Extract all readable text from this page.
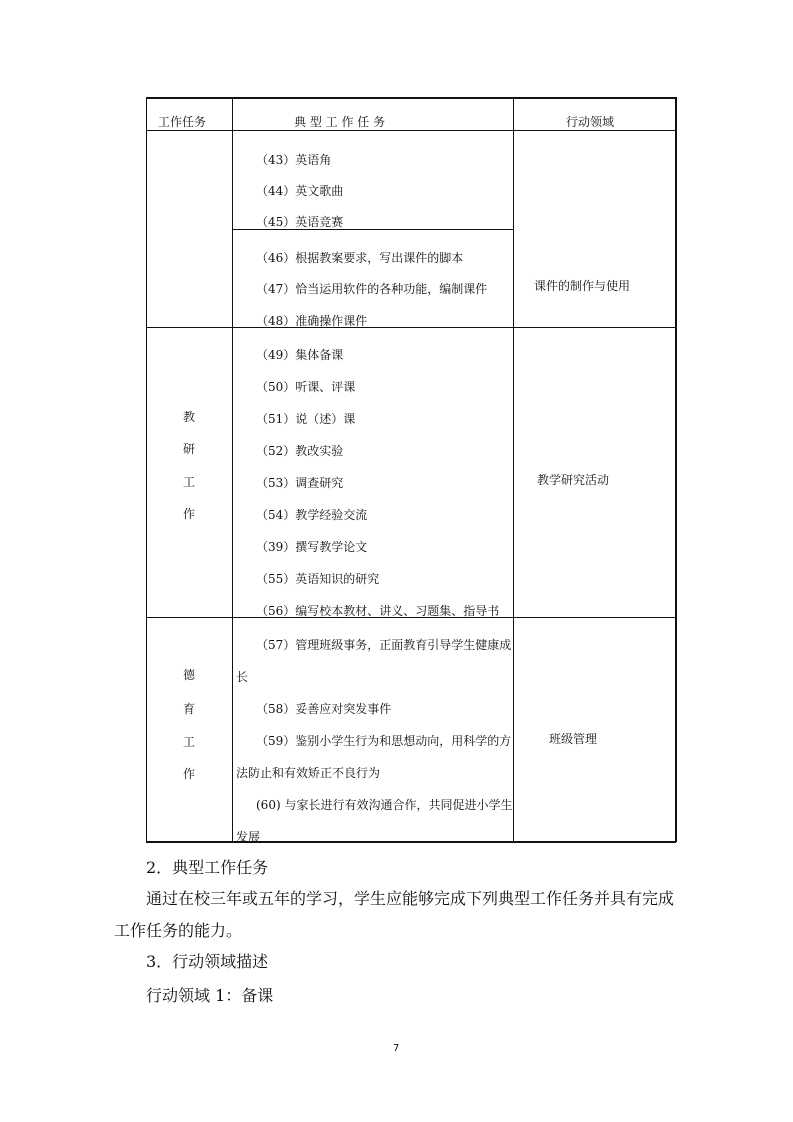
工作任务	典 型 工 作 任 务	行动领域
（43）英语角
（44）英文歌曲
（45）英语竞赛
（46）根据教案要求，写出课件的脚本
（47）恰当运用软件的各种功能，编制课件
（48）准确操作课件
课件的制作与使用
教
研
工
作
（49）集体备课
（50）听课、评课
（51）说（述）课
（52）教改实验
（53）调查研究
（54）教学经验交流
（39）撰写教学论文
（55）英语知识的研究
（56）编写校本教材、讲义、习题集、指导书
教学研究活动
德
育
工
作
（57）管理班级事务，正面教育引导学生健康成
长
（58）妥善应对突发事件
（59）鉴别小学生行为和思想动向，用科学的方
法防止和有效矫正不良行为
(60) 与家长进行有效沟通合作，共同促进小学生
发展
班级管理
2．典型工作任务
通过在校三年或五年的学习，学生应能够完成下列典型工作任务并具有完成
工作任务的能力。
3．行动领域描述
行动领域 1：备课
7
